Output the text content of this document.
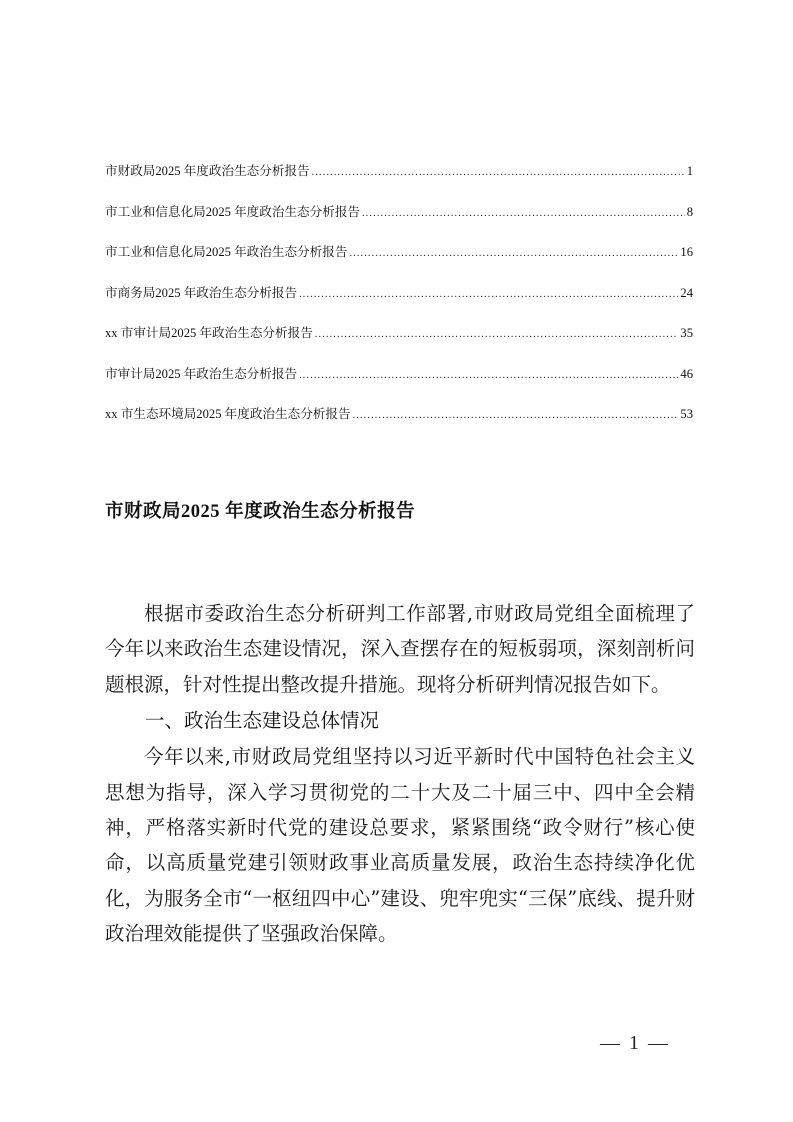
市财政局2025 年度政治生态分析报告 .....	1
市工业和信息化局2025 年度政治生态分析报告 .....	8
市工业和信息化局2025 年政治生态分析报告 .....	16
市商务局2025 年政治生态分析报告 .....	24
xx 市审计局2025 年政治生态分析报告 .....	35
市审计局2025 年政治生态分析报告 .....	46
xx 市生态环境局2025 年度政治生态分析报告 .....	53
市财政局2025 年度政治生态分析报告

根据市委政治生态分析研判工作部署,市财政局党组全面梳理了今年以来政治生态建设情况，深入查摆存在的短板弱项，深刻剖析问题根源，针对性提出整改提升措施。现将分析研判情况报告如下。

一、政治生态建设总体情况

今年以来,市财政局党组坚持以习近平新时代中国特色社会主义思想为指导，深入学习贯彻党的二十大及二十届三中、四中全会精神，严格落实新时代党的建设总要求，紧紧围绕“政令财行”核心使命，以高质量党建引领财政事业高质量发展，政治生态持续净化优化，为服务全市“一枢纽四中心”建设、兜牢兜实“三保”底线、提升财政治理效能提供了坚强政治保障。

— 1 —
